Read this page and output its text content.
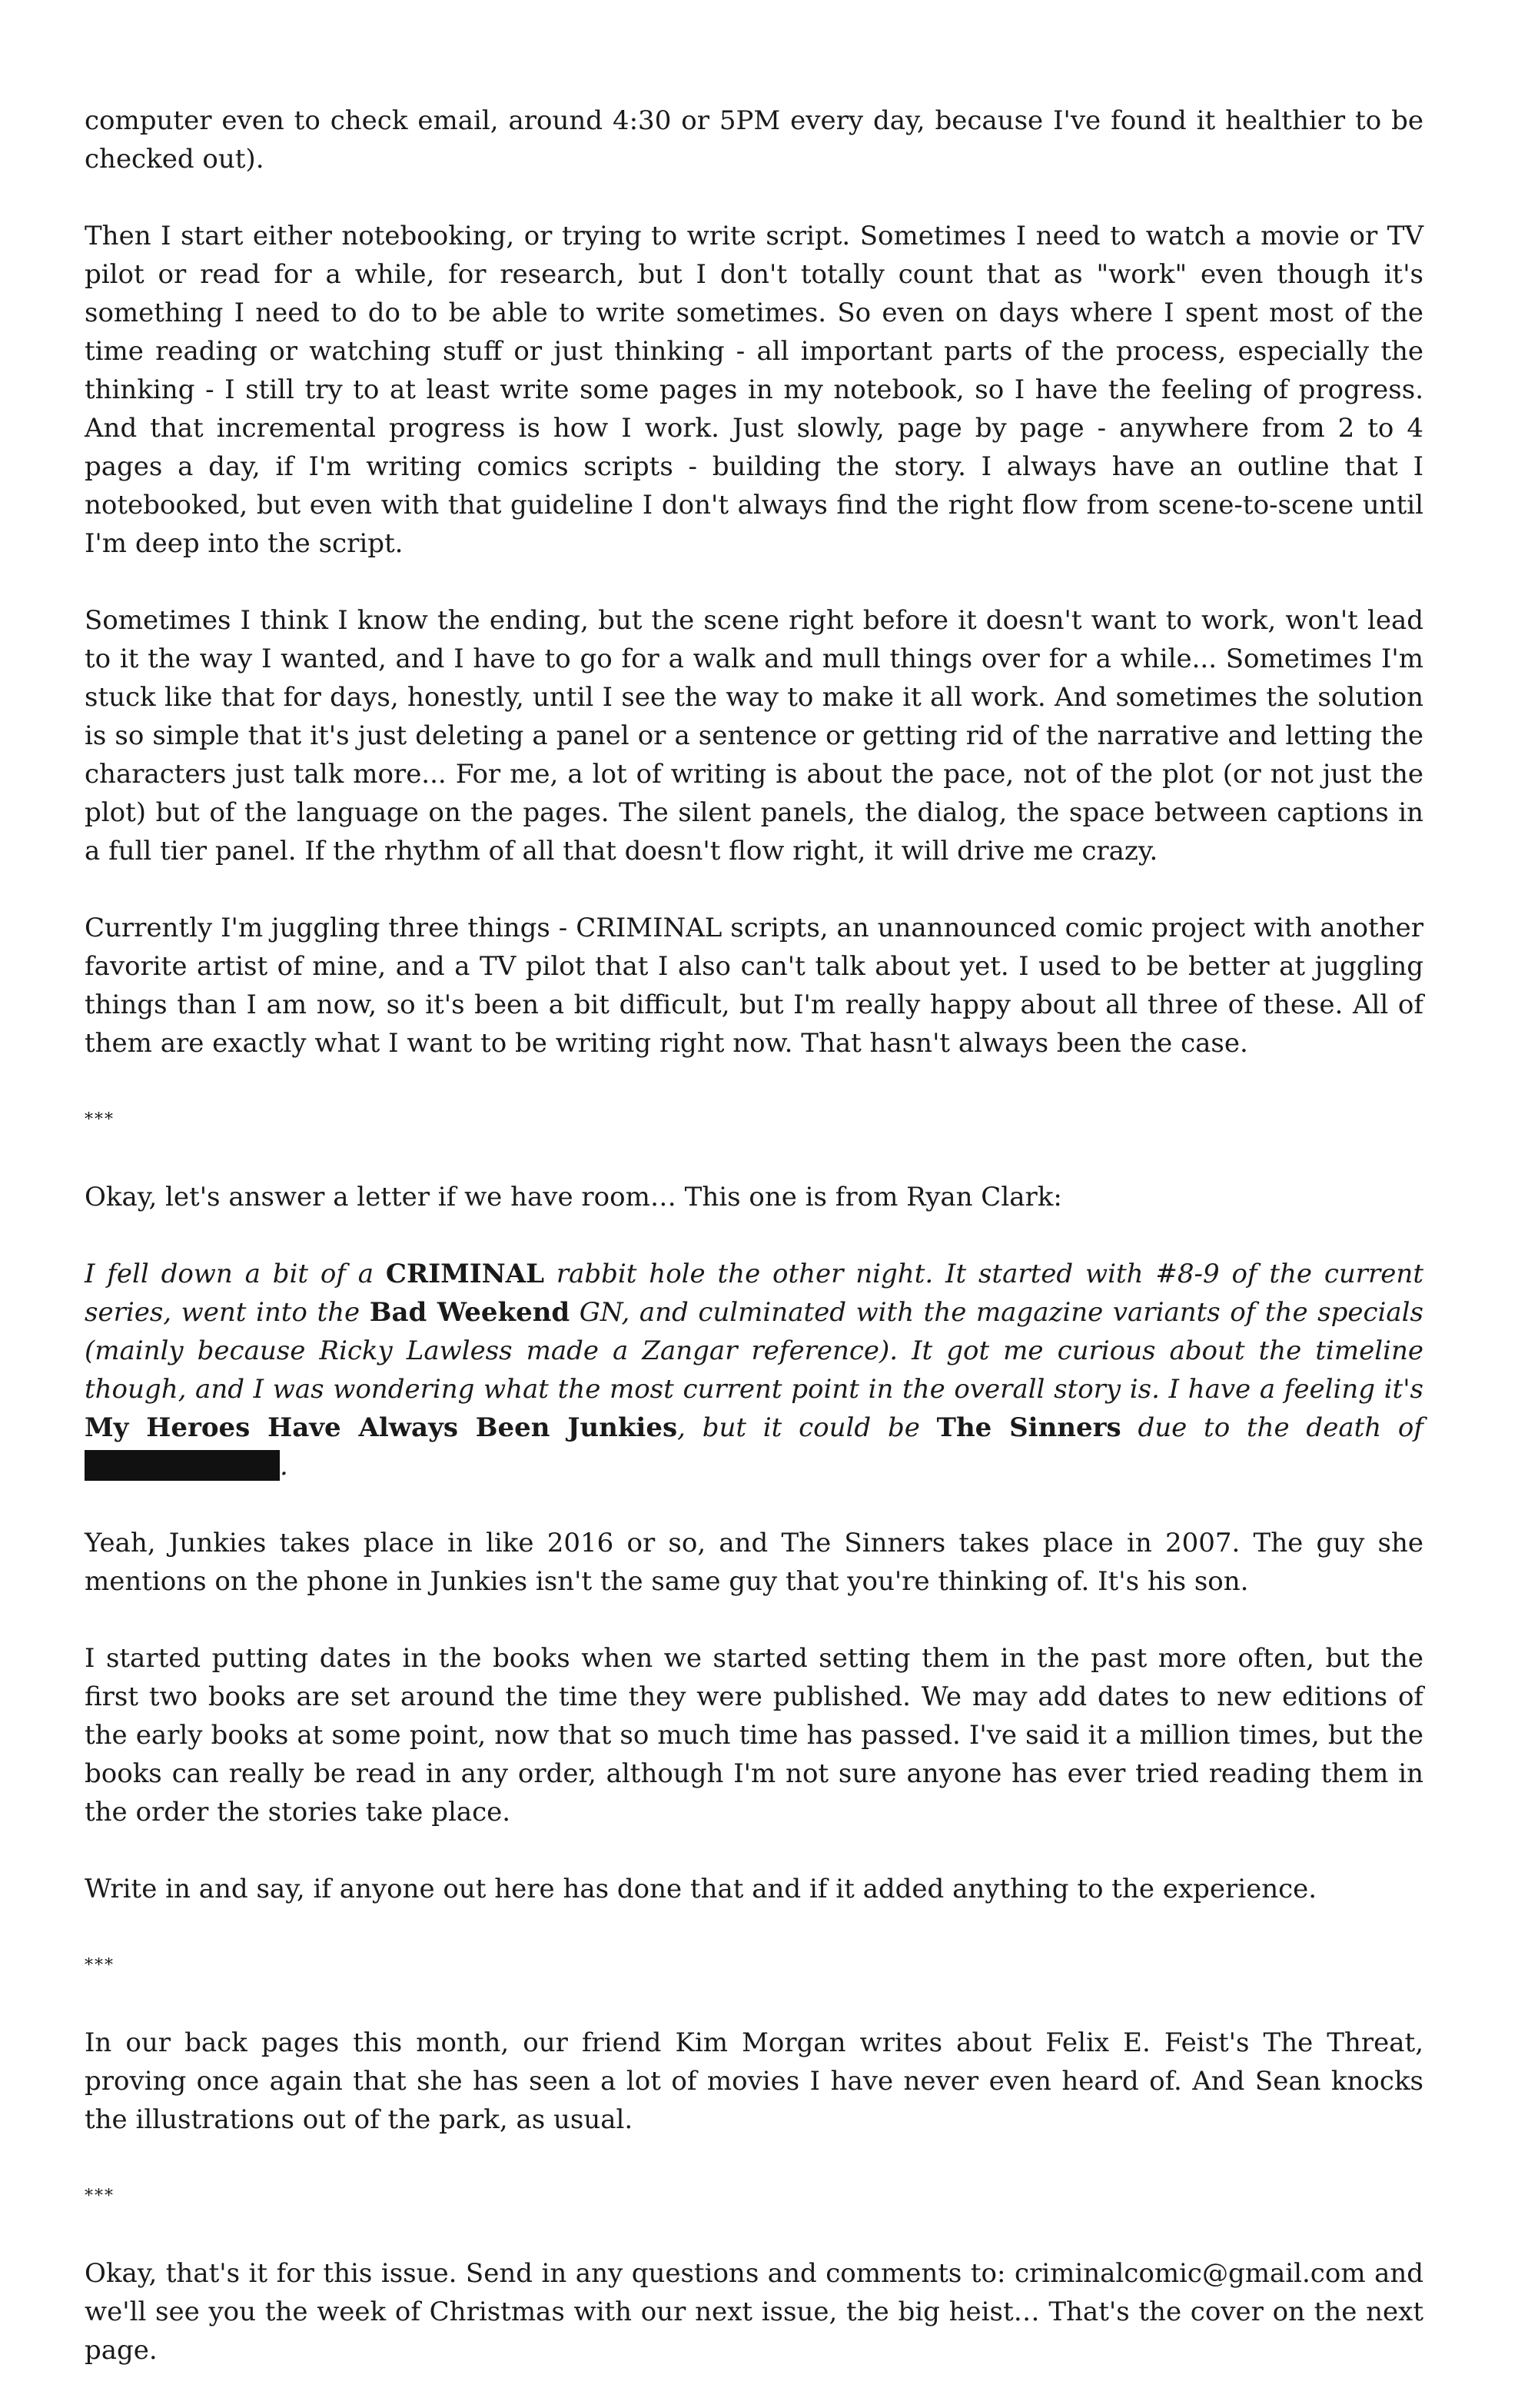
computer even to check email, around 4:30 or 5PM every day, because I've found it healthier to be checked out).

Then I start either notebooking, or trying to write script. Sometimes I need to watch a movie or TV pilot or read for a while, for research, but I don't totally count that as "work" even though it's something I need to do to be able to write sometimes. So even on days where I spent most of the time reading or watching stuff or just thinking - all important parts of the process, especially the thinking - I still try to at least write some pages in my notebook, so I have the feeling of progress. And that incremental progress is how I work. Just slowly, page by page - anywhere from 2 to 4 pages a day, if I'm writing comics scripts - building the story. I always have an outline that I notebooked, but even with that guideline I don't always find the right flow from scene-to-scene until I'm deep into the script.

Sometimes I think I know the ending, but the scene right before it doesn't want to work, won't lead to it the way I wanted, and I have to go for a walk and mull things over for a while... Sometimes I'm stuck like that for days, honestly, until I see the way to make it all work. And sometimes the solution is so simple that it's just deleting a panel or a sentence or getting rid of the narrative and letting the characters just talk more... For me, a lot of writing is about the pace, not of the plot (or not just the plot) but of the language on the pages. The silent panels, the dialog, the space between captions in a full tier panel. If the rhythm of all that doesn't flow right, it will drive me crazy.

Currently I'm juggling three things - CRIMINAL scripts, an unannounced comic project with another favorite artist of mine, and a TV pilot that I also can't talk about yet. I used to be better at juggling things than I am now, so it's been a bit difficult, but I'm really happy about all three of these. All of them are exactly what I want to be writing right now. That hasn't always been the case.

***

Okay, let's answer a letter if we have room… This one is from Ryan Clark:

I fell down a bit of a CRIMINAL rabbit hole the other night. It started with #8-9 of the current series, went into the Bad Weekend GN, and culminated with the magazine variants of the specials (mainly because Ricky Lawless made a Zangar reference). It got me curious about the timeline though, and I was wondering what the most current point in the overall story is. I have a feeling it's My Heroes Have Always Been Junkies, but it could be The Sinners due to the death of .

Yeah, Junkies takes place in like 2016 or so, and The Sinners takes place in 2007. The guy she mentions on the phone in Junkies isn't the same guy that you're thinking of. It's his son.

I started putting dates in the books when we started setting them in the past more often, but the first two books are set around the time they were published. We may add dates to new editions of the early books at some point, now that so much time has passed. I've said it a million times, but the books can really be read in any order, although I'm not sure anyone has ever tried reading them in the order the stories take place.

Write in and say, if anyone out here has done that and if it added anything to the experience.

***

In our back pages this month, our friend Kim Morgan writes about Felix E. Feist's The Threat, proving once again that she has seen a lot of movies I have never even heard of. And Sean knocks the illustrations out of the park, as usual.

***

Okay, that's it for this issue. Send in any questions and comments to: criminalcomic@gmail.com and we'll see you the week of Christmas with our next issue, the big heist… That's the cover on the next page.
